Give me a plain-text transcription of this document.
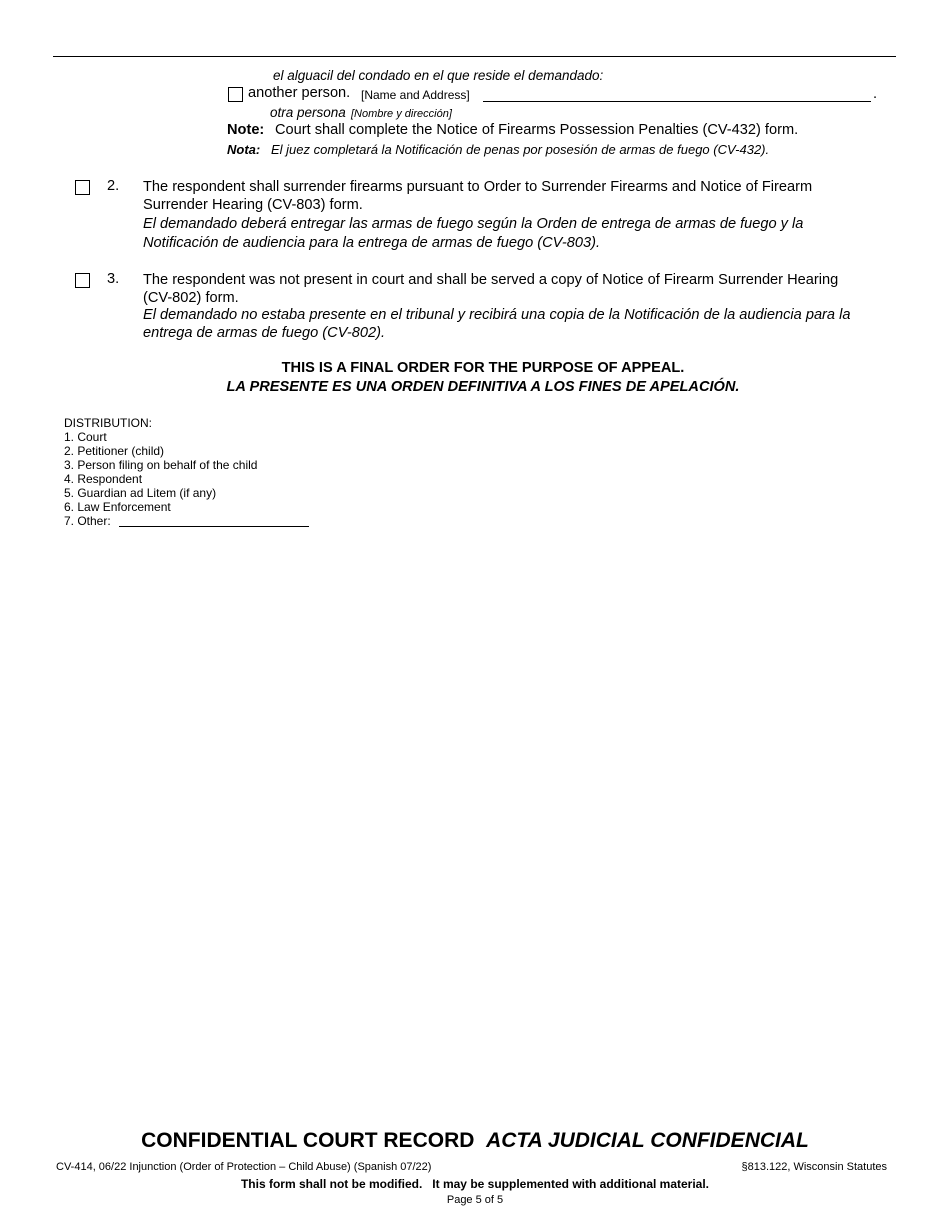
el alguacil del condado en el que reside el demandado:
another person. [Name and Address]	.
otra persona [Nombre y dirección]
Note: Court shall complete the Notice of Firearms Possession Penalties (CV-432) form.
Nota: El juez completará la Notificación de penas por posesión de armas de fuego (CV-432).
2. The respondent shall surrender firearms pursuant to Order to Surrender Firearms and Notice of Firearm
Surrender Hearing (CV-803) form.
El demandado deberá entregar las armas de fuego según la Orden de entrega de armas de fuego y la
Notificación de audiencia para la entrega de armas de fuego (CV-803).
3. The respondent was not present in court and shall be served a copy of Notice of Firearm Surrender Hearing
(CV-802) form.
El demandado no estaba presente en el tribunal y recibirá una copia de la Notificación de la audiencia para la
entrega de armas de fuego (CV-802).
THIS IS A FINAL ORDER FOR THE PURPOSE OF APPEAL.
LA PRESENTE ES UNA ORDEN DEFINITIVA A LOS FINES DE APELACIÓN.
DISTRIBUTION:
1. Court
2. Petitioner (child)
3. Person filing on behalf of the child
4. Respondent
5. Guardian ad Litem (if any)
6. Law Enforcement
7. Other:
CONFIDENTIAL COURT RECORD ACTA JUDICIAL CONFIDENCIAL
CV-414, 06/22 Injunction (Order of Protection – Child Abuse) (Spanish 07/22)	§813.122, Wisconsin Statutes
This form shall not be modified.   It may be supplemented with additional material.
Page 5 of 5
